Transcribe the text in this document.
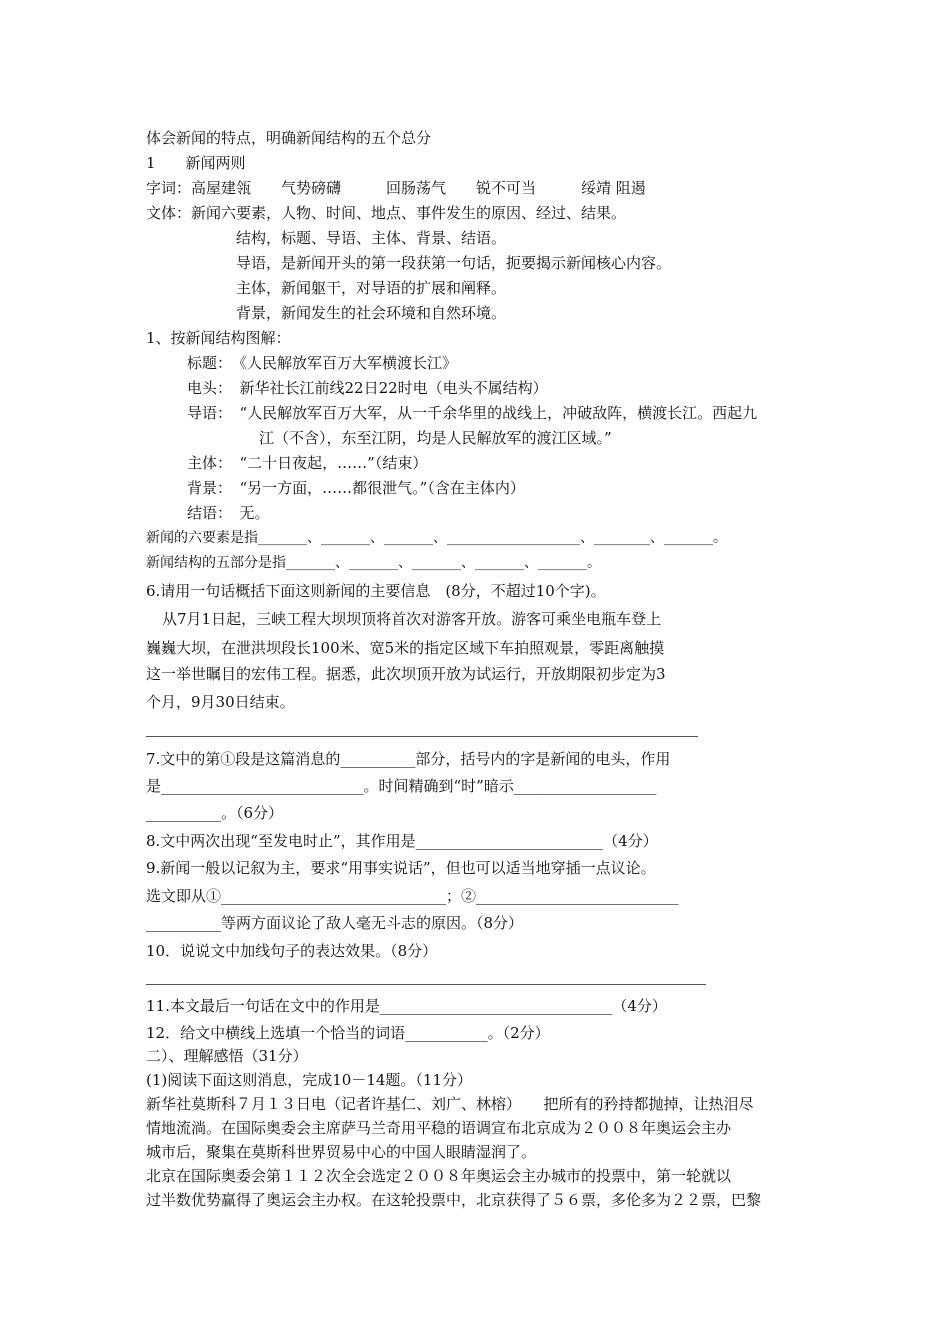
体会新闻的特点，明确新闻结构的五个总分
1　　新闻两则
字词：高屋建瓴　　气势磅礴　　　回肠荡气　　锐不可当　　　绥靖 阻遏
文体：新闻六要素，人物、时间、地点、事件发生的原因、经过、结果。
结构，标题、导语、主体、背景、结语。
导语，是新闻开头的第一段获第一句话，扼要揭示新闻核心内容。
主体，新闻躯干，对导语的扩展和阐释。
背景，新闻发生的社会环境和自然环境。
1、按新闻结构图解：
标题：　《人民解放军百万大军横渡长江》
电头：　新华社长江前线22日22时电（电头不属结构）
导语：　“人民解放军百万大军，从一千余华里的战线上，冲破敌阵，横渡长江。西起九
江（不含），东至江阴，均是人民解放军的渡江区域。”
主体：　“二十日夜起，……”（结束）
背景：　“另一方面，……都很泄气。”（含在主体内）
结语：　无。
新闻的六要素是指_______、_______、_______、___________________、________、_______。
新闻结构的五部分是指_______、_______、_______、_______、_______。
6.请用一句话概括下面这则新闻的主要信息　(8分，不超过10个字)。
从7月1日起，三峡工程大坝坝顶将首次对游客开放。游客可乘坐电瓶车登上
巍巍大坝，在泄洪坝段长100米、宽5米的指定区域下车拍照观景，零距离触摸
这一举世瞩目的宏伟工程。据悉，此次坝顶开放为试运行，开放期限初步定为3
个月，9月30日结束。
7.文中的第①段是这篇消息的__________部分，括号内的字是新闻的电头，作用
是___________________________。时间精确到“时”暗示___________________
__________。（6分）
8.文中两次出现“至发电时止”，其作用是_________________________（4分）
9.新闻一般以记叙为主，要求“用事实说话”，但也可以适当地穿插一点议论。
选文即从①______________________________；②___________________________
__________等两方面议论了敌人毫无斗志的原因。（8分）
10．说说文中加线句子的表达效果。（8分）
11.本文最后一句话在文中的作用是_______________________________（4分）
12．给文中横线上选填一个恰当的词语___________。（2分）
二）、理解感悟（31分）
(1)阅读下面这则消息，完成10－14题。（11分）
新华社莫斯科７月１３日电（记者许基仁、刘广、林榕）　　把所有的矜持都抛掉，让热泪尽
情地流淌。在国际奥委会主席萨马兰奇用平稳的语调宣布北京成为２００８年奥运会主办
城市后，聚集在莫斯科世界贸易中心的中国人眼睛湿润了。
北京在国际奥委会第１１２次全会选定２００８年奥运会主办城市的投票中，第一轮就以
过半数优势赢得了奥运会主办权。在这轮投票中，北京获得了５６票，多伦多为２２票，巴黎
